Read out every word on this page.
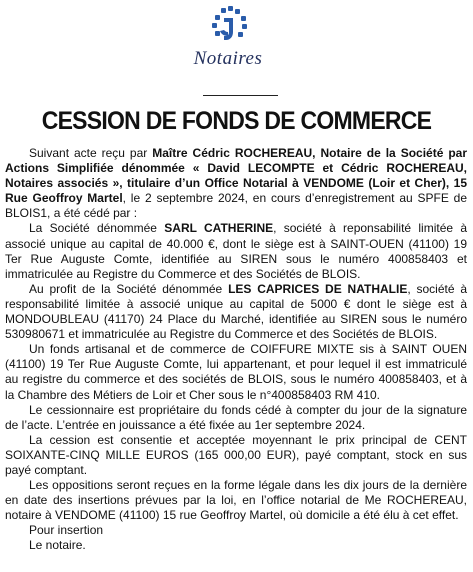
Notaires
CESSION DE FONDS DE COMMERCE

Suivant acte reçu par Maître Cédric ROCHEREAU, Notaire de la Société par Actions Simplifiée dénommée « David LECOMPTE et Cédric ROCHEREAU, Notaires associés », titulaire d’un Office Notarial à VENDOME (Loir et Cher), 15 Rue Geoffroy Martel, le 2 septembre 2024, en cours d’enregistrement au SPFE de BLOIS1, a été cédé par :

La Société dénommée SARL CATHERINE, société à reponsabilité limitée à associé unique au capital de 40.000 €, dont le siège est à SAINT-OUEN (41100) 19 Ter Rue Auguste Comte, identifiée au SIREN sous le numéro 400858403 et immatriculée au Registre du Commerce et des Sociétés de BLOIS.

Au profit de la Société dénommée LES CAPRICES DE NATHALIE, société à responsabilité limitée à associé unique au capital de 5000 € dont le siège est à MONDOUBLEAU (41170) 24 Place du Marché, identifiée au SIREN sous le numéro 530980671 et immatriculée au Registre du Commerce et des Sociétés de BLOIS.

Un fonds artisanal et de commerce de COIFFURE MIXTE sis à SAINT OUEN (41100) 19 Ter Rue Auguste Comte, lui appartenant, et pour lequel il est immatriculé au registre du commerce et des sociétés de BLOIS, sous le numéro 400858403, et à la Chambre des Métiers de Loir et Cher sous le n°400858403 RM 410.

Le cessionnaire est propriétaire du fonds cédé à compter du jour de la signature de l’acte. L’entrée en jouissance a été fixée au 1er septembre 2024.

La cession est consentie et acceptée moyennant le prix principal de CENT SOIXANTE-CINQ MILLE EUROS (165 000,00 EUR), payé comptant, stock en sus payé comptant.

Les oppositions seront reçues en la forme légale dans les dix jours de la dernière en date des insertions prévues par la loi, en l’office notarial de Me ROCHEREAU, notaire à VENDOME (41100) 15 rue Geoffroy Martel, où domicile a été élu à cet effet.

Pour insertion

Le notaire.
